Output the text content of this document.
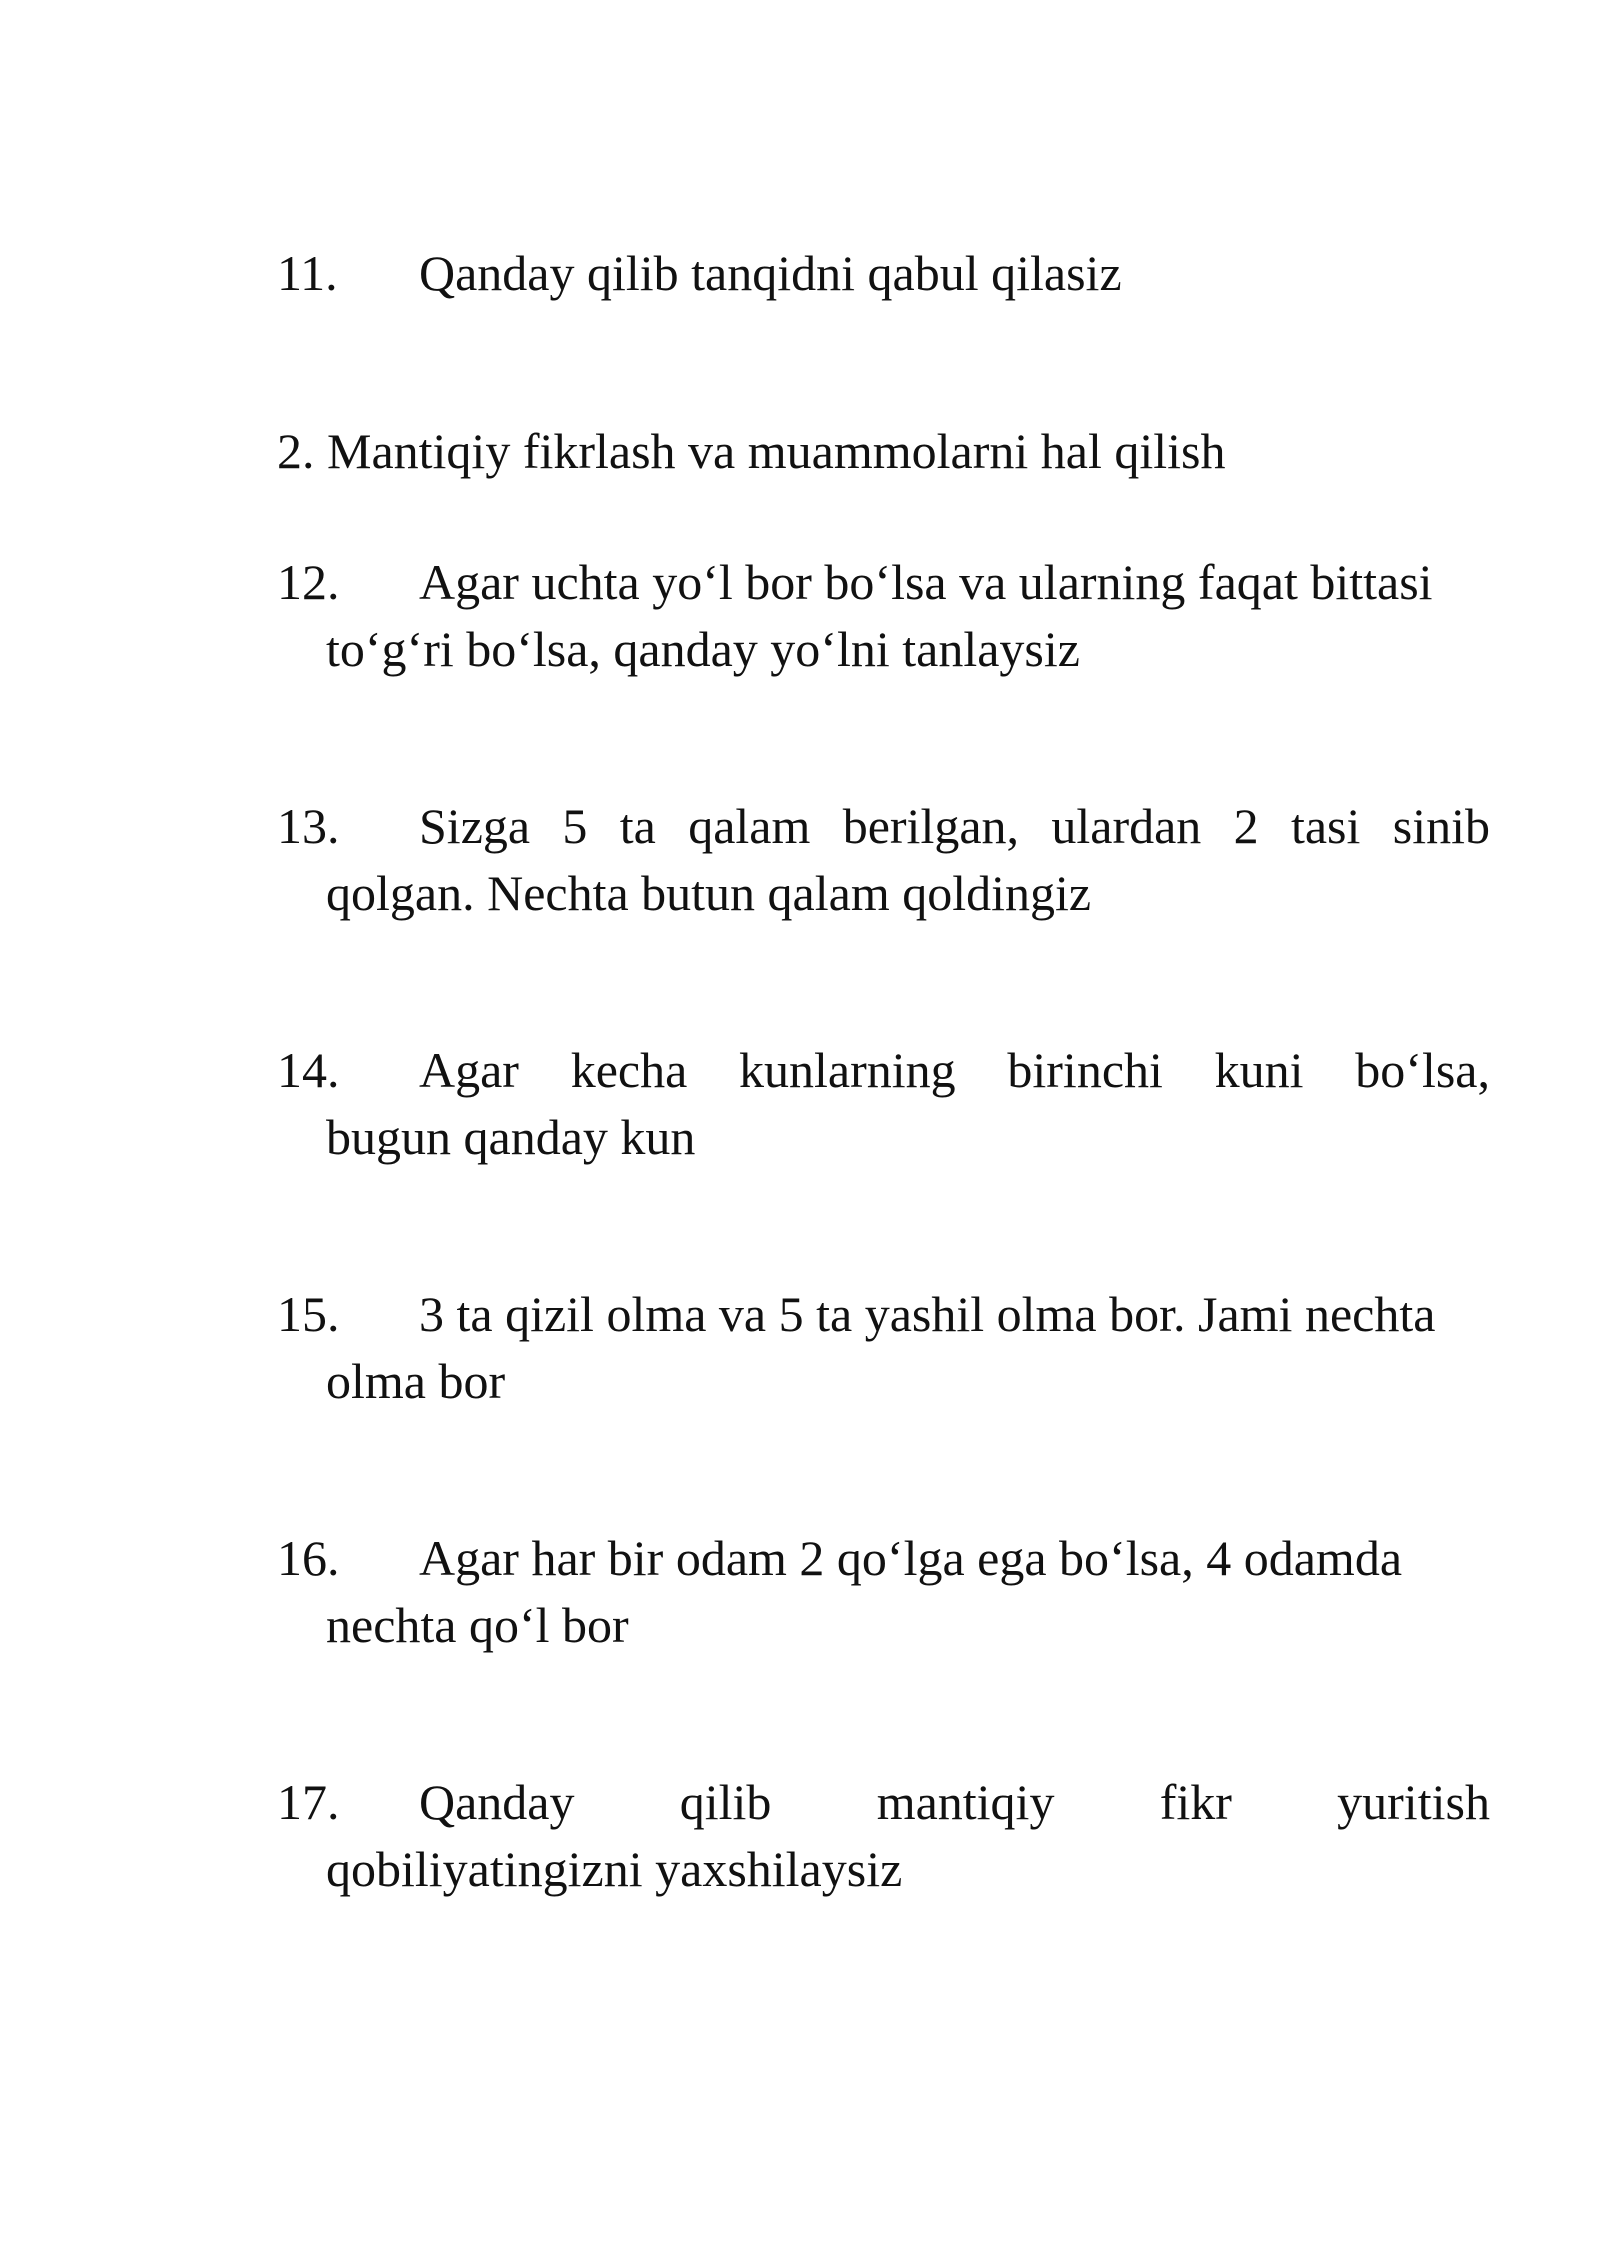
11.	Qanday qilib tanqidni qabul qilasiz
2. Mantiqiy fikrlash va muammolarni hal qilish
12.	Agar uchta yo‘l bor bo‘lsa va ularning faqat bittasi
to‘g‘ri bo‘lsa, qanday yo‘lni tanlaysiz
13.	Sizga 5 ta qalam berilgan, ulardan 2 tasi sinib
qolgan. Nechta butun qalam qoldingiz
14.	Agar kecha kunlarning birinchi kuni bo‘lsa,
bugun qanday kun
15.	3 ta qizil olma va 5 ta yashil olma bor. Jami nechta
olma bor
16.	Agar har bir odam 2 qo‘lga ega bo‘lsa, 4 odamda
nechta qo‘l bor
17.	Qanday qilib mantiqiy fikr yuritish
qobiliyatingizni yaxshilaysiz
